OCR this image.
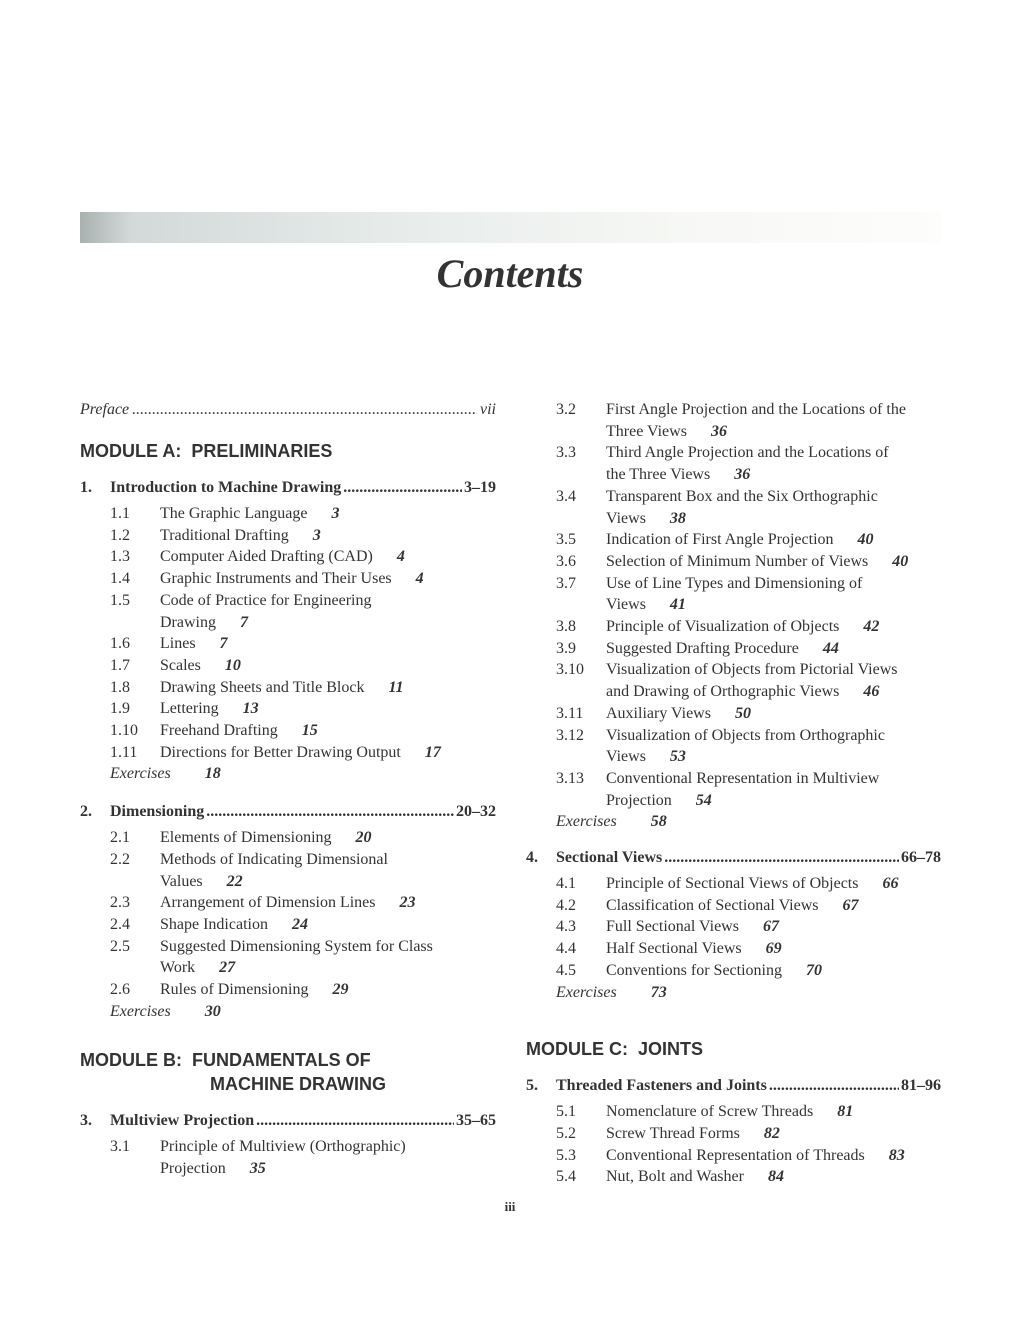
Contents
Preface .....	vii
MODULE A:
PRELIMINARIES
1.	Introduction to Machine Drawing .....	3–19
1.1	The Graphic Language 3
1.2	Traditional Drafting 3
1.3	Computer Aided Drafting (CAD) 4
1.4	Graphic Instruments and Their Uses 4
1.5	Code of Practice for Engineering
Drawing 7
1.6	Lines 7
1.7	Scales 10
1.8	Drawing Sheets and Title Block 11
1.9	Lettering 13
1.10	Freehand Drafting 15
1.11	Directions for Better Drawing Output 17
Exercises 18
2.	Dimensioning .....	20–32
2.1	Elements of Dimensioning 20
2.2	Methods of Indicating Dimensional
Values 22
2.3	Arrangement of Dimension Lines 23
2.4	Shape Indication 24
2.5	Suggested Dimensioning System for Class
Work 27
2.6	Rules of Dimensioning 29
Exercises 30
MODULE B:
FUNDAMENTALS OF
MACHINE DRAWING
3.	Multiview Projection .....	35–65
3.1	Principle of Multiview (Orthographic)
Projection 35
3.2	First Angle Projection and the Locations of the
Three Views 36
3.3	Third Angle Projection and the Locations of
the Three Views 36
3.4	Transparent Box and the Six Orthographic
Views 38
3.5	Indication of First Angle Projection 40
3.6	Selection of Minimum Number of Views 40
3.7	Use of Line Types and Dimensioning of
Views 41
3.8	Principle of Visualization of Objects 42
3.9	Suggested Drafting Procedure 44
3.10	Visualization of Objects from Pictorial Views
and Drawing of Orthographic Views 46
3.11	Auxiliary Views 50
3.12	Visualization of Objects from Orthographic
Views 53
3.13	Conventional Representation in Multiview
Projection 54
Exercises 58
4.	Sectional Views .....	66–78
4.1	Principle of Sectional Views of Objects 66
4.2	Classification of Sectional Views 67
4.3	Full Sectional Views 67
4.4	Half Sectional Views 69
4.5	Conventions for Sectioning 70
Exercises 73
MODULE C:
JOINTS
5.	Threaded Fasteners and Joints .....	81–96
5.1	Nomenclature of Screw Threads 81
5.2	Screw Thread Forms 82
5.3	Conventional Representation of Threads 83
5.4	Nut, Bolt and Washer 84
iii
